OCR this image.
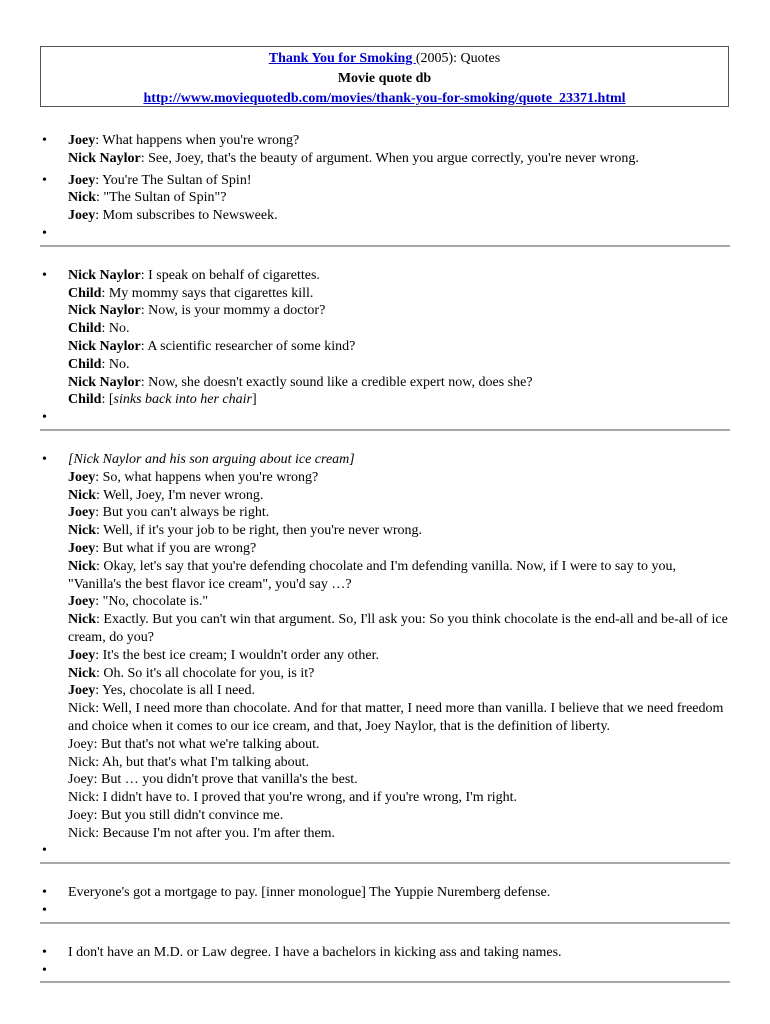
Thank You for Smoking (2005): Quotes
Movie quote db
http://www.moviequotedb.com/movies/thank-you-for-smoking/quote_23371.html
• Joey: What happens when you're wrong?
Nick Naylor: See, Joey, that's the beauty of argument. When you argue correctly, you're never wrong.
• Joey: You're The Sultan of Spin!
Nick: "The Sultan of Spin"?
Joey: Mom subscribes to Newsweek.
•
• Nick Naylor: I speak on behalf of cigarettes.
Child: My mommy says that cigarettes kill.
Nick Naylor: Now, is your mommy a doctor?
Child: No.
Nick Naylor: A scientific researcher of some kind?
Child: No.
Nick Naylor: Now, she doesn't exactly sound like a credible expert now, does she?
Child: [sinks back into her chair]
•
• [Nick Naylor and his son arguing about ice cream]
Joey: So, what happens when you're wrong?
Nick: Well, Joey, I'm never wrong.
Joey: But you can't always be right.
Nick: Well, if it's your job to be right, then you're never wrong.
Joey: But what if you are wrong?
Nick: Okay, let's say that you're defending chocolate and I'm defending vanilla. Now, if I were to say to you, "Vanilla's the best flavor ice cream", you'd say …?
Joey: "No, chocolate is."
Nick: Exactly. But you can't win that argument. So, I'll ask you: So you think chocolate is the end-all and be-all of ice cream, do you?
Joey: It's the best ice cream; I wouldn't order any other.
Nick: Oh. So it's all chocolate for you, is it?
Joey: Yes, chocolate is all I need.
Nick: Well, I need more than chocolate. And for that matter, I need more than vanilla. I believe that we need freedom and choice when it comes to our ice cream, and that, Joey Naylor, that is the definition of liberty.
Joey: But that's not what we're talking about.
Nick: Ah, but that's what I'm talking about.
Joey: But … you didn't prove that vanilla's the best.
Nick: I didn't have to. I proved that you're wrong, and if you're wrong, I'm right.
Joey: But you still didn't convince me.
Nick: Because I'm not after you. I'm after them.
•
• Everyone's got a mortgage to pay. [inner monologue] The Yuppie Nuremberg defense.
•
• I don't have an M.D. or Law degree. I have a bachelors in kicking ass and taking names.
•
